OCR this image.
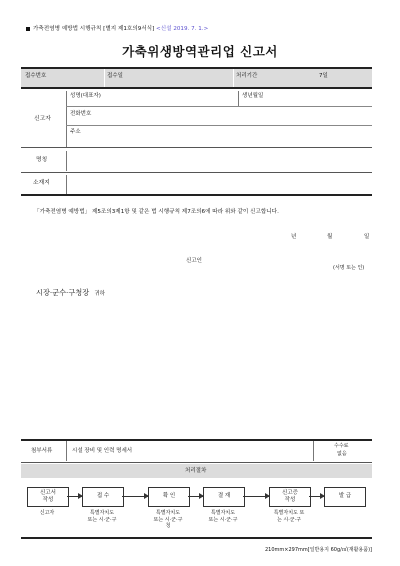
가축전염병 예방법 시행규칙 [별지 제1호의9서식] <신설 2019. 7. 1.>
가축위생방역관리업 신고서
접수번호	접수일	처리기간	7일
신고자
성명(대표자)	생년월일
전화번호
주소
명칭
소재지
「가축전염병 예방법」 제5조의3제1항 및 같은 법 시행규칙 제7조의6에 따라 위와 같이 신고합니다.
년	월	일
신고인
(서명 또는 인)
시장·군수·구청장 귀하
첨부서류	시설 장비 및 인력 명세서
수수료
없음
처리절차
신고서
작성
접 수	확 인	결 재
신고증
작성
발 급
신고자	특별자치도
또는 시·군·구
특별자치도
또는 시·군·구
청
특별자치도
또는 시·군·구
특별자치도 또
는 시·군·구
210mm×297mm[일반용지 60g/㎡(재활용품)]
